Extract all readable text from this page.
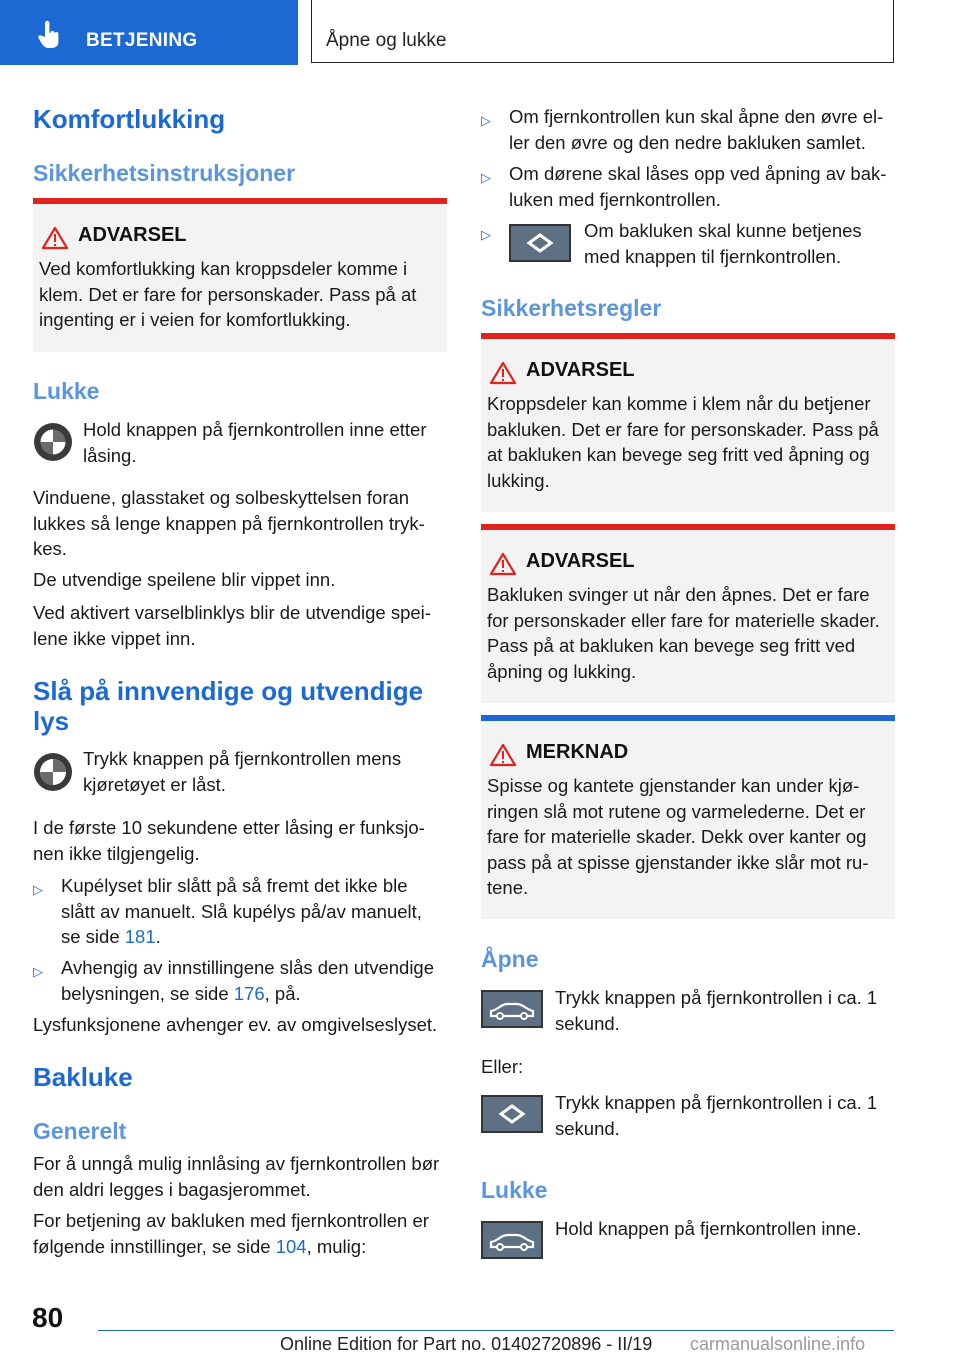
BETJENING	Åpne og lukke
Komfortlukking
Sikkerhetsinstruksjoner
ADVARSEL
Ved komfortlukking kan kroppsdeler komme i klem. Det er fare for personskader. Pass på at ingenting er i veien for komfortlukking.
Lukke
Hold knappen på fjernkontrollen inne etter låsing.
Vinduene, glasstaket og solbeskyttelsen foran lukkes så lenge knappen på fjernkontrollen trykkes.
De utvendige speilene blir vippet inn.
Ved aktivert varselblinklys blir de utvendige speilene ikke vippet inn.
Slå på innvendige og utvendige lys
Trykk knappen på fjernkontrollen mens kjøretøyet er låst.
I de første 10 sekundene etter låsing er funksjonen ikke tilgjengelig.
▷ Kupélyset blir slått på så fremt det ikke ble slått av manuelt. Slå kupélys på/av manuelt, se side 181.
▷ Avhengig av innstillingene slås den utvendige belysningen, se side 176, på.
Lysfunksjonene avhenger ev. av omgivelseslyset.
Bakluke
Generelt
For å unngå mulig innlåsing av fjernkontrollen bør den aldri legges i bagasjerommet.
For betjening av bakluken med fjernkontrollen er følgende innstillinger, se side 104, mulig:
▷ Om fjernkontrollen kun skal åpne den øvre eller den øvre og den nedre bakluken samlet.
▷ Om dørene skal låses opp ved åpning av bakluken med fjernkontrollen.
▷	Om bakluken skal kunne betjenes med knappen til fjernkontrollen.
Sikkerhetsregler
ADVARSEL
Kroppsdeler kan komme i klem når du betjener bakluken. Det er fare for personskader. Pass på at bakluken kan bevege seg fritt ved åpning og lukking.
ADVARSEL
Bakluken svinger ut når den åpnes. Det er fare for personskader eller fare for materielle skader. Pass på at bakluken kan bevege seg fritt ved åpning og lukking.
MERKNAD
Spisse og kantete gjenstander kan under kjøringen slå mot rutene og varmelederne. Det er fare for materielle skader. Dekk over kanter og pass på at spisse gjenstander ikke slår mot rutene.
Åpne
Trykk knappen på fjernkontrollen i ca. 1 sekund.
Eller:
Trykk knappen på fjernkontrollen i ca. 1 sekund.
Lukke
Hold knappen på fjernkontrollen inne.
80
Online Edition for Part no. 01402720896 - II/19 carmanualsonline.info
